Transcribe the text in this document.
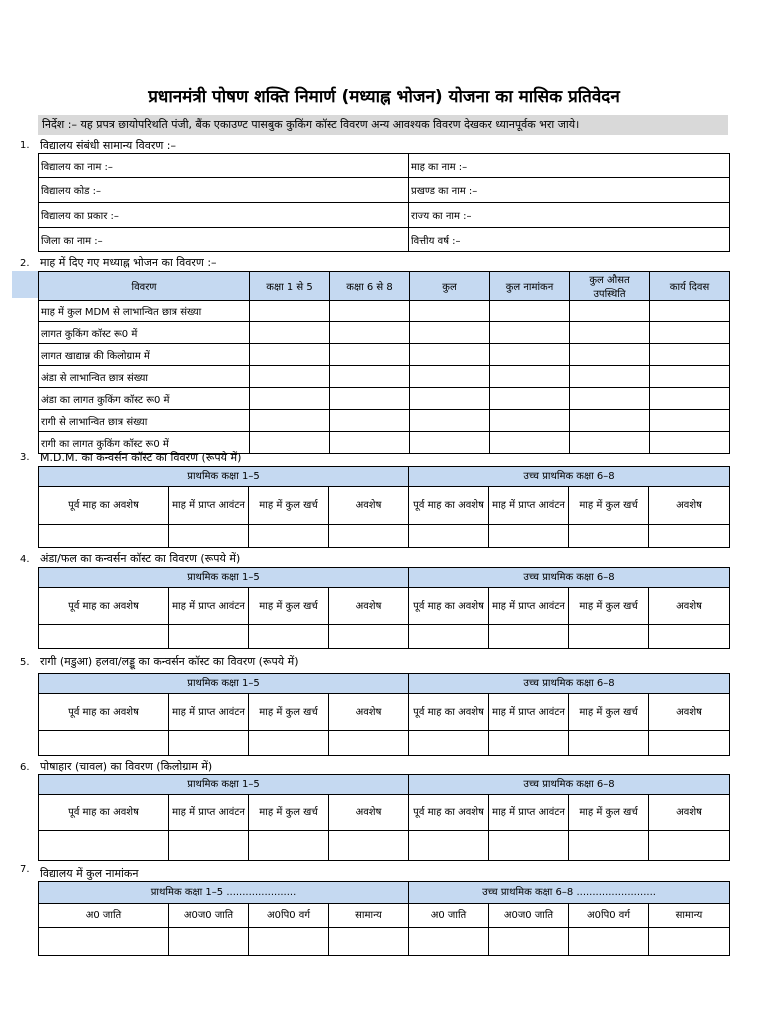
प्रधानमंत्री पोषण शक्ति निमार्ण (मध्याह्न भोजन) योजना का मासिक प्रतिवेदन
निर्देश :– यह प्रपत्र छायोपरिथति पंजी, बैंक एकाउण्ट पासबुक कुकिंग कॉस्ट विवरण अन्य आवश्यक विवरण देखकर ध्यानपूर्वक भरा जाये।
1. विद्यालय संबंधी सामान्य विवरण :–
विद्यालय का नाम :–	माह का नाम :–
विद्यालय कोड :–	प्रखण्ड का नाम :–
विद्यालय का प्रकार :–	राज्य का नाम :–
जिला का नाम :–	वित्तीय वर्ष :–
2. माह में दिए गए मध्याह्न भोजन का विवरण :–
विवरण	कक्षा 1 से 5	कक्षा 6 से 8	कुल	कुल नामांकन	कुल औसत उपस्थिति	कार्य दिवस
माह में कुल MDM से लाभान्वित छात्र संख्या						
लागत कुकिंग कॉस्ट रू0 में						
लागत खाद्यान्न की किलोग्राम में						
अंडा से लाभान्वित छात्र संख्या						
अंडा का लागत कुकिंग कॉस्ट रू0 में						
रागी से लाभान्वित छात्र संख्या						
रागी का लागत कुकिंग कॉस्ट रू0 में						
3. M.D.M. का कन्वर्सन कॉस्ट का विवरण (रूपये में)
प्राथमिक कक्षा 1–5				उच्च प्राथमिक कक्षा 6–8			
पूर्व माह का अवशेष	माह में प्राप्त आवंटन	माह में कुल खर्च	अवशेष	पूर्व माह का अवशेष	माह में प्राप्त आवंटन	माह में कुल खर्च	अवशेष

4. अंडा/फल का कन्वर्सन कॉस्ट का विवरण (रूपये में)
प्राथमिक कक्षा 1–5				उच्च प्राथमिक कक्षा 6–8			
पूर्व माह का अवशेष	माह में प्राप्त आवंटन	माह में कुल खर्च	अवशेष	पूर्व माह का अवशेष	माह में प्राप्त आवंटन	माह में कुल खर्च	अवशेष

5. रागी (मडुआ) हलवा/लड्डू का कन्वर्सन कॉस्ट का विवरण (रूपये में)
प्राथमिक कक्षा 1–5				उच्च प्राथमिक कक्षा 6–8			
पूर्व माह का अवशेष	माह में प्राप्त आवंटन	माह में कुल खर्च	अवशेष	पूर्व माह का अवशेष	माह में प्राप्त आवंटन	माह में कुल खर्च	अवशेष

6. पोषाहार (चावल) का विवरण (किलोग्राम में)
प्राथमिक कक्षा 1–5				उच्च प्राथमिक कक्षा 6–8			
पूर्व माह का अवशेष	माह में प्राप्त आवंटन	माह में कुल खर्च	अवशेष	पूर्व माह का अवशेष	माह में प्राप्त आवंटन	माह में कुल खर्च	अवशेष

7. विद्यालय में कुल नामांकन
प्राथमिक कक्षा 1–5 ......................				उच्च प्राथमिक कक्षा 6–8 .........................			
अ0 जाति	अ0ज0 जाति	अ0पि0 वर्ग	सामान्य	अ0 जाति	अ0ज0 जाति	अ0पि0 वर्ग	सामान्य
